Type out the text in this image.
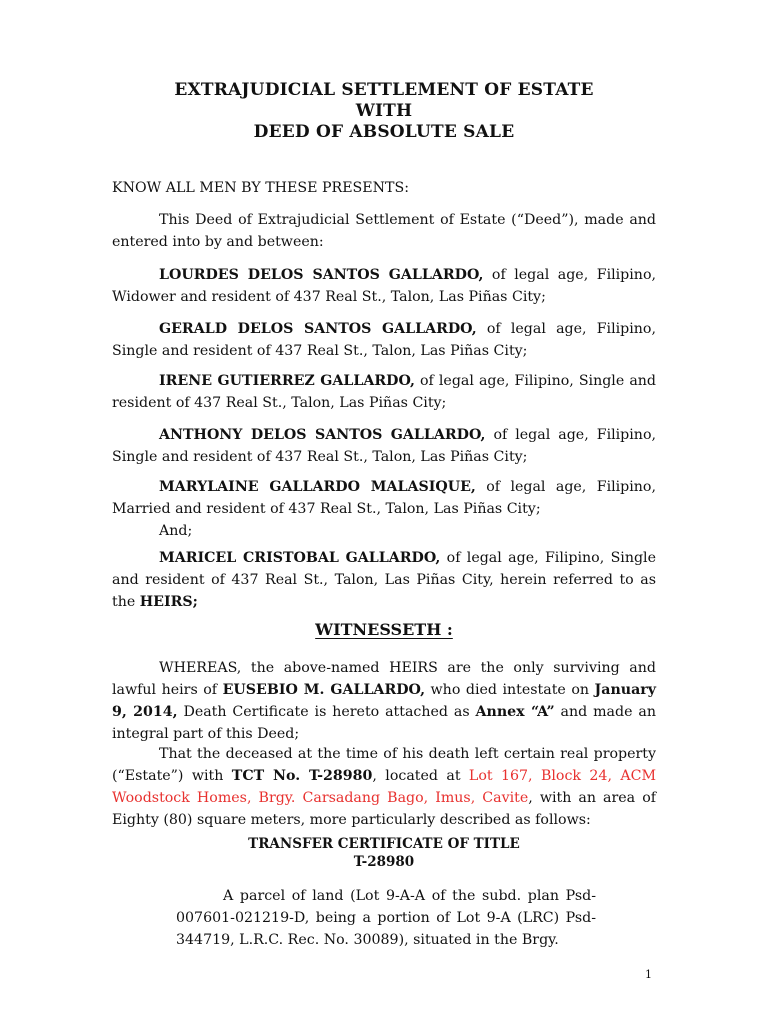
EXTRAJUDICIAL SETTLEMENT OF ESTATE
WITH
DEED OF ABSOLUTE SALE

KNOW ALL MEN BY THESE PRESENTS:

This Deed of Extrajudicial Settlement of Estate (“Deed”), made and entered into by and between:

LOURDES DELOS SANTOS GALLARDO, of legal age, Filipino, Widower and resident of 437 Real St., Talon, Las Piñas City;

GERALD DELOS SANTOS GALLARDO, of legal age, Filipino, Single and resident of 437 Real St., Talon, Las Piñas City;

IRENE GUTIERREZ GALLARDO, of legal age, Filipino, Single and resident of 437 Real St., Talon, Las Piñas City;

ANTHONY DELOS SANTOS GALLARDO, of legal age, Filipino, Single and resident of 437 Real St., Talon, Las Piñas City;

MARYLAINE GALLARDO MALASIQUE, of legal age, Filipino, Married and resident of 437 Real St., Talon, Las Piñas City;
And;

MARICEL CRISTOBAL GALLARDO, of legal age, Filipino, Single and resident of 437 Real St., Talon, Las Piñas City, herein referred to as the HEIRS;

WITNESSETH :

WHEREAS, the above-named HEIRS are the only surviving and lawful heirs of EUSEBIO M. GALLARDO, who died intestate on January 9, 2014, Death Certificate is hereto attached as Annex “A” and made an integral part of this Deed;

That the deceased at the time of his death left certain real property (“Estate”) with TCT No. T-28980, located at Lot 167, Block 24, ACM Woodstock Homes, Brgy. Carsadang Bago, Imus, Cavite, with an area of Eighty (80) square meters, more particularly described as follows:

TRANSFER CERTIFICATE OF TITLE
T-28980

A parcel of land (Lot 9-A-A of the subd. plan Psd-007601-021219-D, being a portion of Lot 9-A (LRC) Psd-344719, L.R.C. Rec. No. 30089), situated in the Brgy.

1
